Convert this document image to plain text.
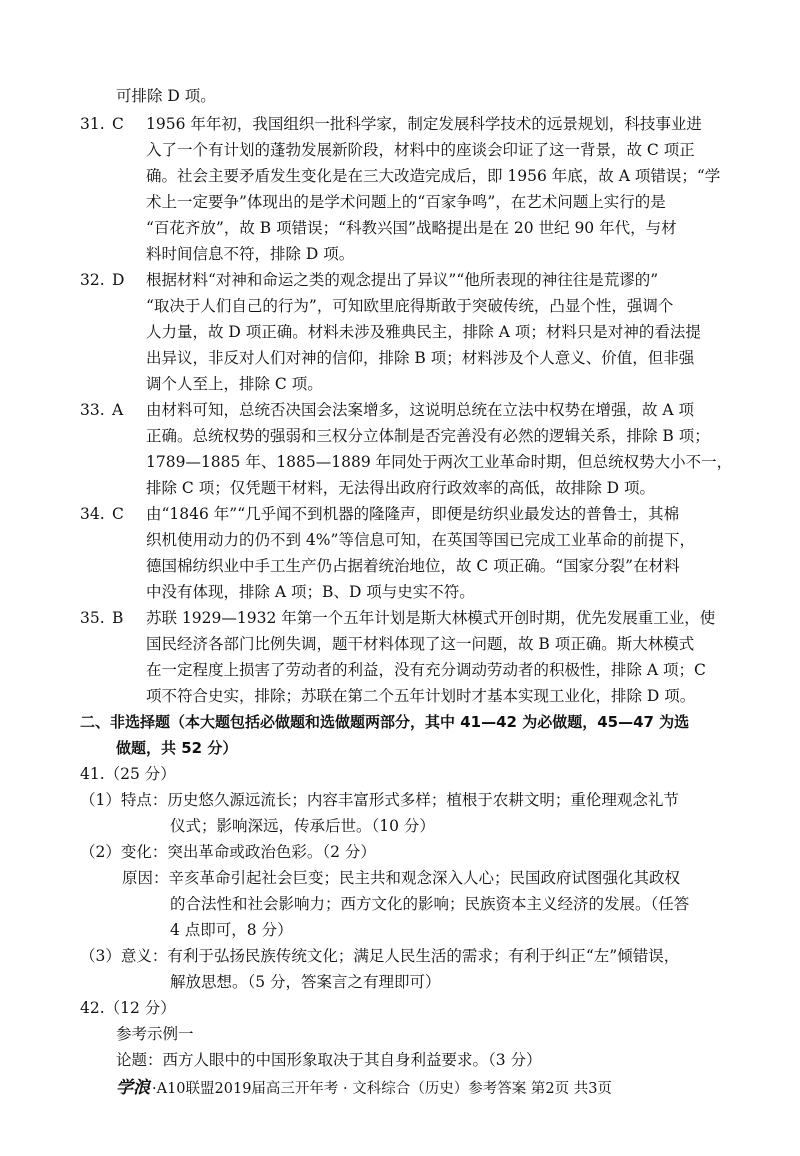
可排除 D 项。
31. C 1956 年年初，我国组织一批科学家，制定发展科学技术的远景规划，科技事业进
入了一个有计划的蓬勃发展新阶段，材料中的座谈会印证了这一背景，故 C 项正
确。社会主要矛盾发生变化是在三大改造完成后，即 1956 年底，故 A 项错误；“学
术上一定要争”体现出的是学术问题上的“百家争鸣”，在艺术问题上实行的是
“百花齐放”，故 B 项错误；“科教兴国”战略提出是在 20 世纪 90 年代，与材
料时间信息不符，排除 D 项。
32. D 根据材料“对神和命运之类的观念提出了异议”“他所表现的神往往是荒谬的”
“取决于人们自己的行为”，可知欧里庇得斯敢于突破传统，凸显个性，强调个
人力量，故 D 项正确。材料未涉及雅典民主，排除 A 项；材料只是对神的看法提
出异议，非反对人们对神的信仰，排除 B 项；材料涉及个人意义、价值，但非强
调个人至上，排除 C 项。
33. A 由材料可知，总统否决国会法案增多，这说明总统在立法中权势在增强，故 A 项
正确。总统权势的强弱和三权分立体制是否完善没有必然的逻辑关系，排除 B 项；
1789—1885 年、1885—1889 年同处于两次工业革命时期，但总统权势大小不一，
排除 C 项；仅凭题干材料，无法得出政府行政效率的高低，故排除 D 项。
34. C 由“1846 年”“几乎闻不到机器的隆隆声，即便是纺织业最发达的普鲁士，其棉
织机使用动力的仍不到 4%”等信息可知，在英国等国已完成工业革命的前提下，
德国棉纺织业中手工生产仍占据着统治地位，故 C 项正确。“国家分裂”在材料
中没有体现，排除 A 项；B、D 项与史实不符。
35. B 苏联 1929—1932 年第一个五年计划是斯大林模式开创时期，优先发展重工业，使
国民经济各部门比例失调，题干材料体现了这一问题，故 B 项正确。斯大林模式
在一定程度上损害了劳动者的利益，没有充分调动劳动者的积极性，排除 A 项；C
项不符合史实，排除；苏联在第二个五年计划时才基本实现工业化，排除 D 项。
二、非选择题（本大题包括必做题和选做题两部分，其中 41—42 为必做题，45—47 为选
做题，共 52 分）
41.（25 分）
（1）特点：历史悠久源远流长；内容丰富形式多样；植根于农耕文明；重伦理观念礼节
仪式；影响深远，传承后世。（10 分）
（2）变化：突出革命或政治色彩。（2 分）
原因：辛亥革命引起社会巨变；民主共和观念深入人心；民国政府试图强化其政权
的合法性和社会影响力；西方文化的影响；民族资本主义经济的发展。（任答
4 点即可，8 分）
（3）意义：有利于弘扬民族传统文化；满足人民生活的需求；有利于纠正“左”倾错误，
解放思想。（5 分，答案言之有理即可）
42.（12 分）
参考示例一
论题：西方人眼中的中国形象取决于其自身利益要求。（3 分）
学浪 ·A10联盟2019届高三开年考 · 文科综合（历史）参考答案 第2页 共3页
